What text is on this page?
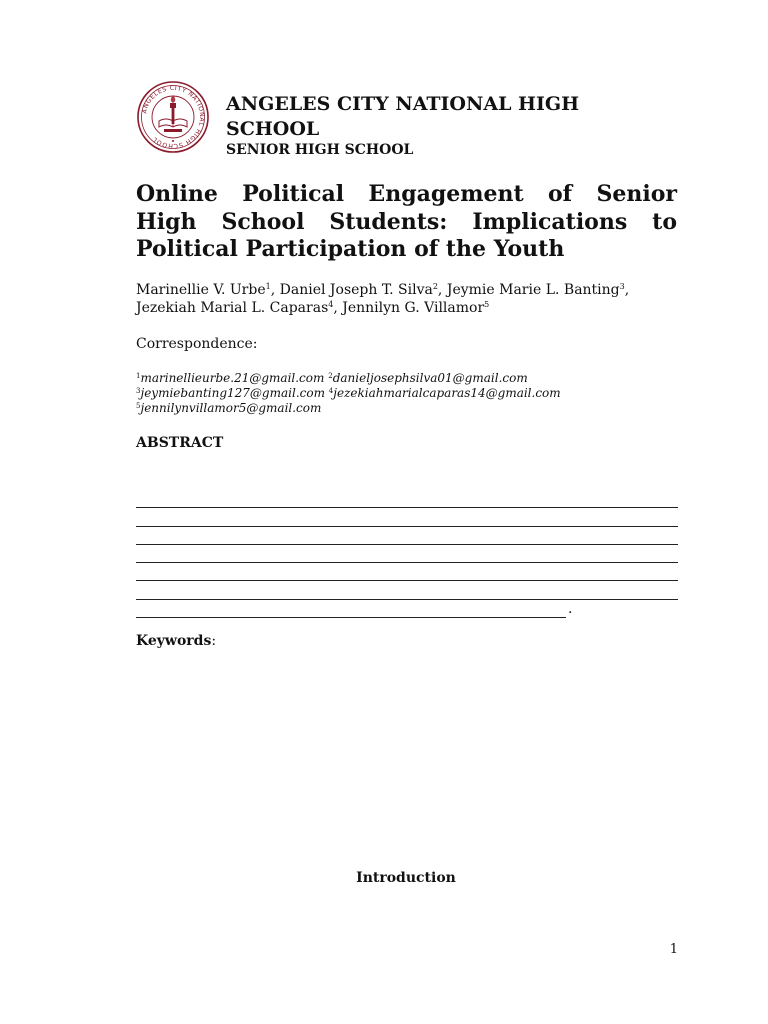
ANGELES CITY NATIONAL HIGH SCHOOL
ANGELES CITY NATIONAL HIGH SCHOOL
SENIOR HIGH SCHOOL
Online Political Engagement of Senior
High School Students: Implications to
Political Participation of the Youth
Marinellie V. Urbe$^1$, Daniel Joseph T. Silva$^2$, Jeymie Marie L. Banting$^3$,
Jezekiah Marial L. Caparas$^4$, Jennilyn G. Villamor$^5$
Correspondence:
$^1$marinellieurbe.21@gmail.com $^2$danieljosephsilva01@gmail.com
$^3$jeymiebanting127@gmail.com $^4$jezekiahmarialcaparas14@gmail.com
$^5$jennilynvillamor5@gmail.com
ABSTRACT
.
Keywords:
Introduction
1
